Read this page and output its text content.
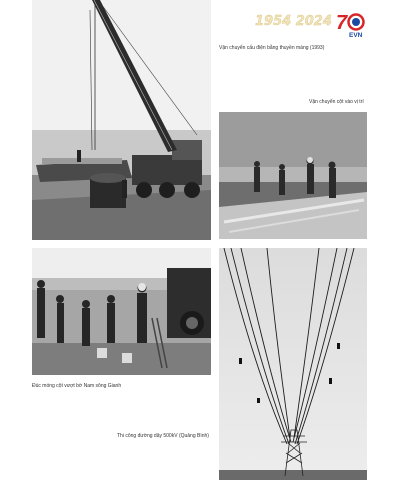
1954 2024 7
EVN
Vận chuyển cấu điện bằng thuyền máng (1993)
Vận chuyển cột vào vị trí
Đúc móng cột vượt bờ Nam sông Gianh
Thi công đường dây 500kV (Quảng Bình)
